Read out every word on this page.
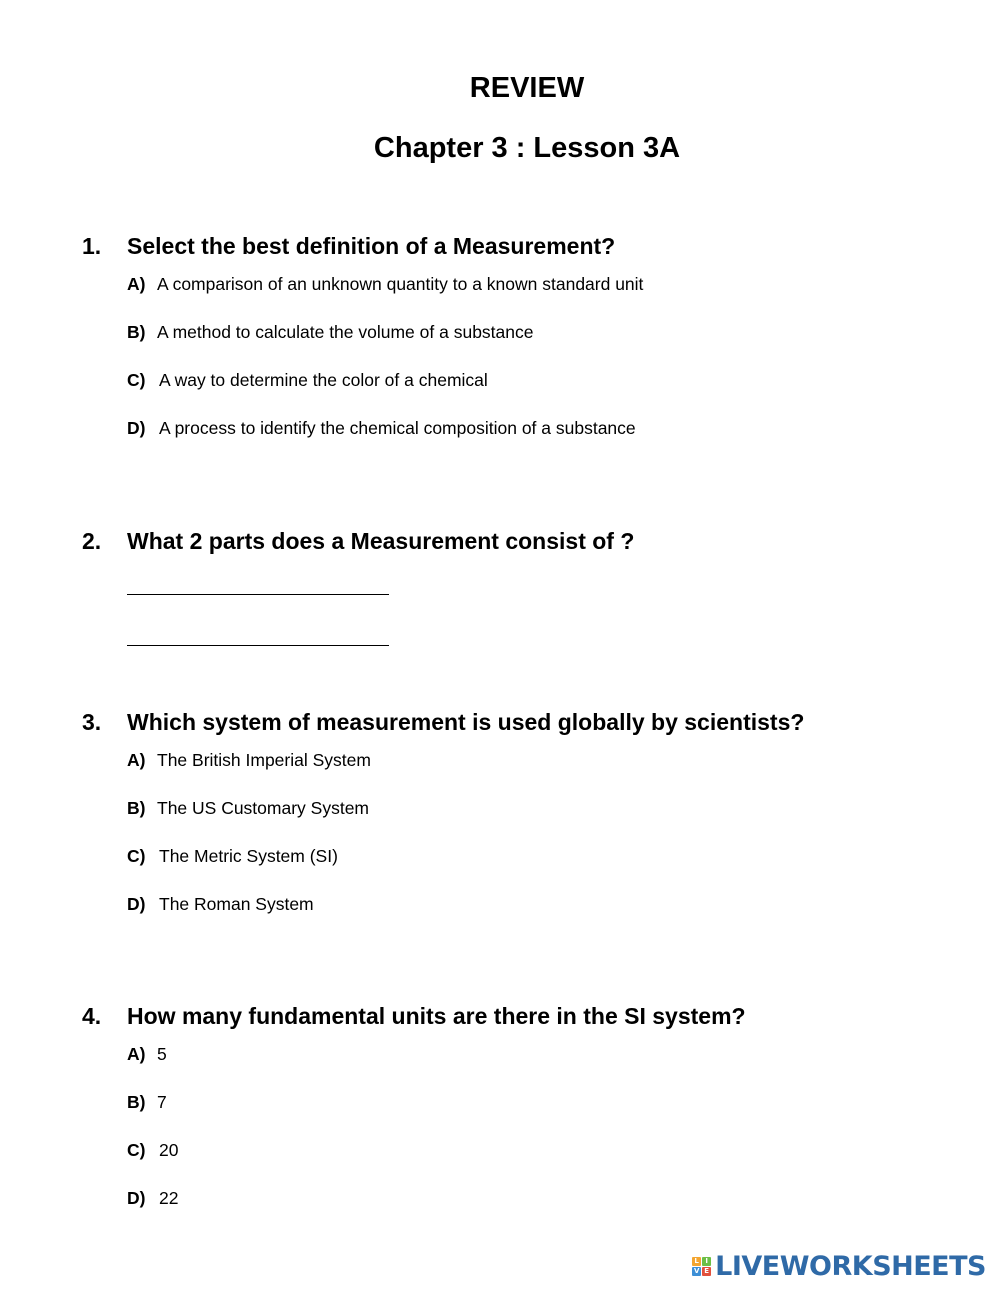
REVIEW
Chapter 3 : Lesson 3A
1.	Select the best definition of a Measurement?
A) A comparison of an unknown quantity to a known standard unit
B) A method to calculate the volume of a substance
C) A way to determine the color of a chemical
D) A process to identify the chemical composition of a substance
2.	What 2 parts does a Measurement consist of ?
3.	Which system of measurement is used globally by scientists?
A) The British Imperial System
B) The US Customary System
C) The Metric System (SI)
D) The Roman System
4.	How many fundamental units are there in the SI system?
A) 5
B) 7
C) 20
D) 22
L I
V E LIVEWORKSHEETS
